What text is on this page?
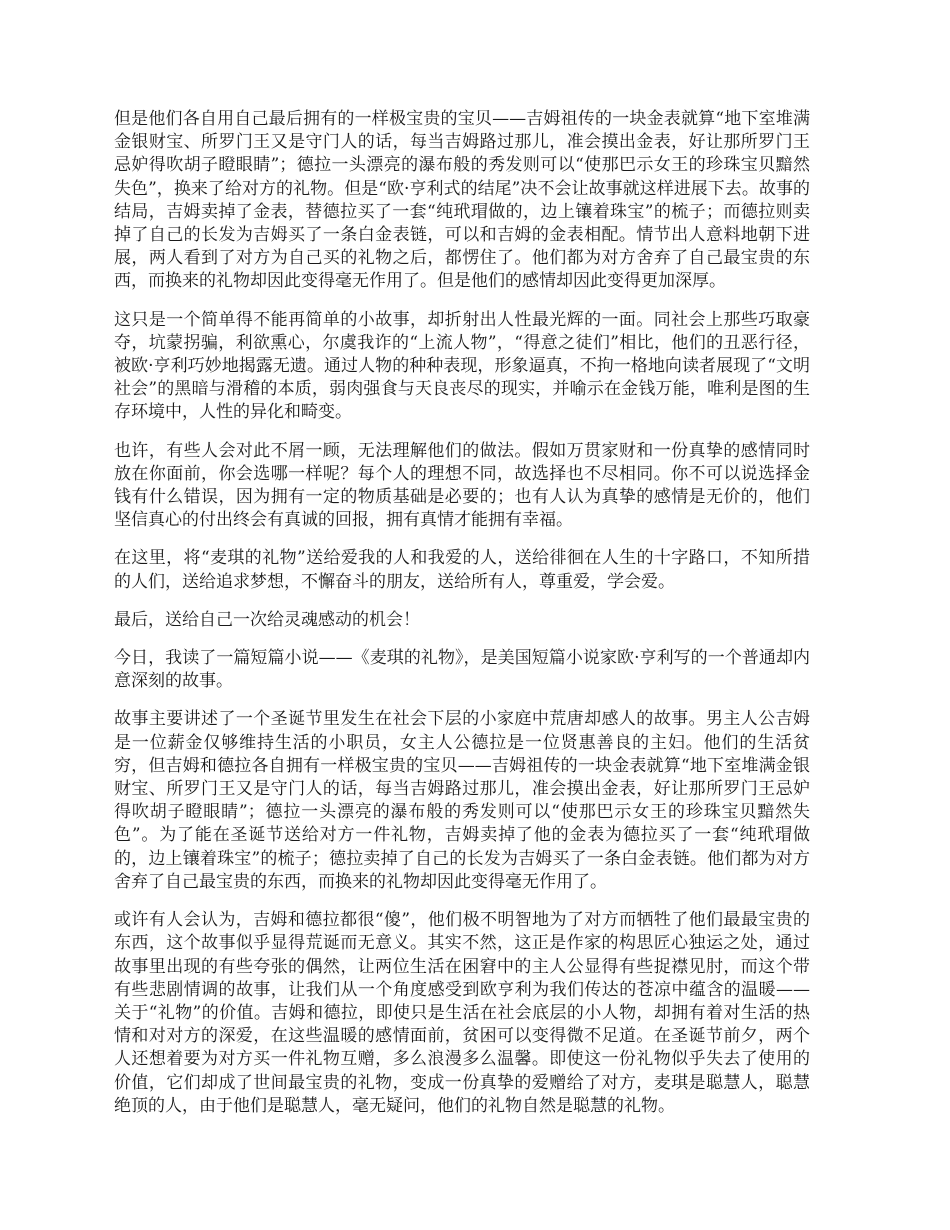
但是他们各自用自己最后拥有的一样极宝贵的宝贝——吉姆祖传的一块金表就算“地下室堆满金银财宝、所罗门王又是守门人的话，每当吉姆路过那儿，准会摸出金表，好让那所罗门王忌妒得吹胡子瞪眼睛”；德拉一头漂亮的瀑布般的秀发则可以“使那巴示女王的珍珠宝贝黯然失色”，换来了给对方的礼物。但是“欧·亨利式的结尾”决不会让故事就这样进展下去。故事的结局，吉姆卖掉了金表，替德拉买了一套“纯玳瑁做的，边上镶着珠宝”的梳子；而德拉则卖掉了自己的长发为吉姆买了一条白金表链，可以和吉姆的金表相配。情节出人意料地朝下进展，两人看到了对方为自己买的礼物之后，都愣住了。他们都为对方舍弃了自己最宝贵的东西，而换来的礼物却因此变得毫无作用了。但是他们的感情却因此变得更加深厚。

这只是一个简单得不能再简单的小故事，却折射出人性最光辉的一面。同社会上那些巧取豪夺，坑蒙拐骗，利欲熏心，尔虞我诈的“上流人物”，“得意之徒们”相比，他们的丑恶行径，被欧·亨利巧妙地揭露无遗。通过人物的种种表现，形象逼真，不拘一格地向读者展现了“文明社会”的黑暗与滑稽的本质，弱肉强食与天良丧尽的现实，并喻示在金钱万能，唯利是图的生存环境中，人性的异化和畸变。

也许，有些人会对此不屑一顾，无法理解他们的做法。假如万贯家财和一份真挚的感情同时放在你面前，你会选哪一样呢？每个人的理想不同，故选择也不尽相同。你不可以说选择金钱有什么错误，因为拥有一定的物质基础是必要的；也有人认为真挚的感情是无价的，他们坚信真心的付出终会有真诚的回报，拥有真情才能拥有幸福。

在这里，将“麦琪的礼物”送给爱我的人和我爱的人，送给徘徊在人生的十字路口，不知所措的人们，送给追求梦想，不懈奋斗的朋友，送给所有人，尊重爱，学会爱。

最后，送给自己一次给灵魂感动的机会！

今日，我读了一篇短篇小说——《麦琪的礼物》，是美国短篇小说家欧·亨利写的一个普通却内意深刻的故事。

故事主要讲述了一个圣诞节里发生在社会下层的小家庭中荒唐却感人的故事。男主人公吉姆是一位薪金仅够维持生活的小职员，女主人公德拉是一位贤惠善良的主妇。他们的生活贫穷，但吉姆和德拉各自拥有一样极宝贵的宝贝——吉姆祖传的一块金表就算“地下室堆满金银财宝、所罗门王又是守门人的话，每当吉姆路过那儿，准会摸出金表，好让那所罗门王忌妒得吹胡子瞪眼睛”；德拉一头漂亮的瀑布般的秀发则可以“使那巴示女王的珍珠宝贝黯然失色”。为了能在圣诞节送给对方一件礼物，吉姆卖掉了他的金表为德拉买了一套“纯玳瑁做的，边上镶着珠宝”的梳子；德拉卖掉了自己的长发为吉姆买了一条白金表链。他们都为对方舍弃了自己最宝贵的东西，而换来的礼物却因此变得毫无作用了。

或许有人会认为，吉姆和德拉都很“傻”，他们极不明智地为了对方而牺牲了他们最最宝贵的东西，这个故事似乎显得荒诞而无意义。其实不然，这正是作家的构思匠心独运之处，通过故事里出现的有些夸张的偶然，让两位生活在困窘中的主人公显得有些捉襟见肘，而这个带有些悲剧情调的故事，让我们从一个角度感受到欧亨利为我们传达的苍凉中蕴含的温暖——关于“礼物”的价值。吉姆和德拉，即使只是生活在社会底层的小人物，却拥有着对生活的热情和对对方的深爱，在这些温暖的感情面前，贫困可以变得微不足道。在圣诞节前夕，两个人还想着要为对方买一件礼物互赠，多么浪漫多么温馨。即使这一份礼物似乎失去了使用的价值，它们却成了世间最宝贵的礼物，变成一份真挚的爱赠给了对方，麦琪是聪慧人，聪慧绝顶的人，由于他们是聪慧人，毫无疑问，他们的礼物自然是聪慧的礼物。
